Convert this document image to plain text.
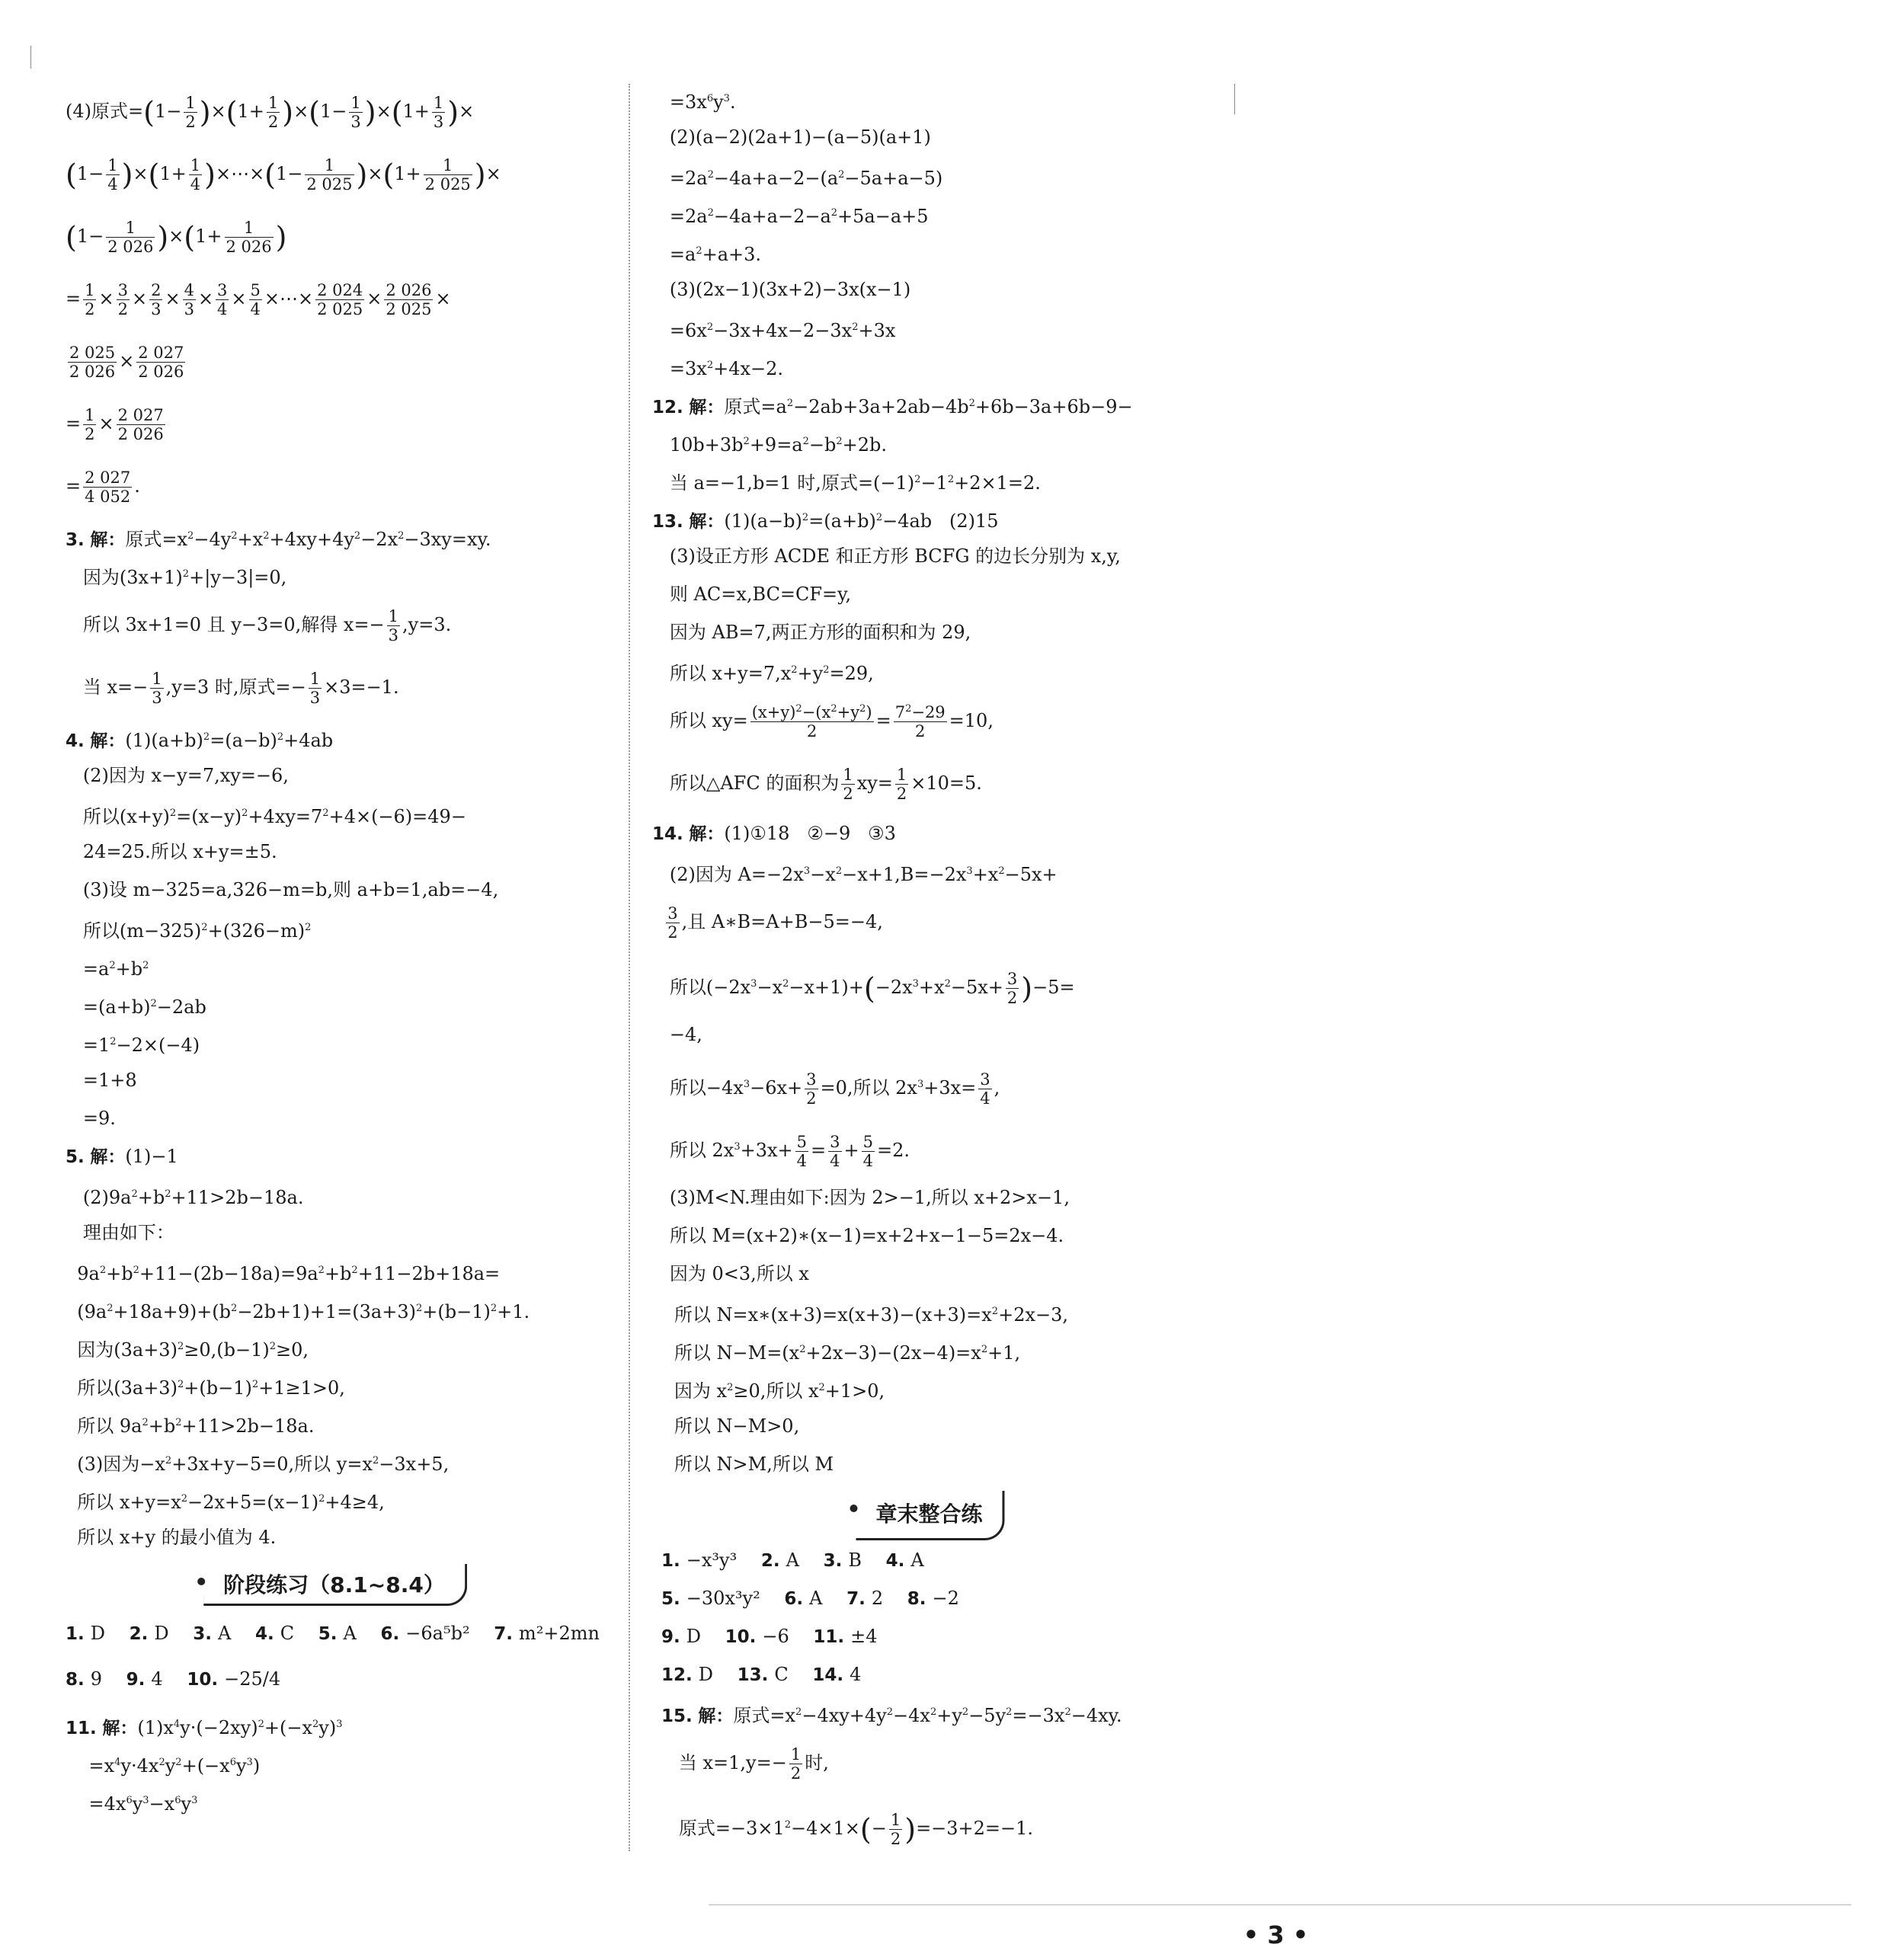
(4)原式$=(1- \frac{1}{2} )\times(1+ \frac{1}{2} )\times(1- \frac{1}{3} )\times(1+ \frac{1}{3}$ )×
$(1- \frac{1}{4} )\times(1+ \frac{1}{4}$ )×⋯×(1− $\frac{1}{2 025} )\times(1+ \frac{1}{2 025}$ )×
$(1- \frac{1}{2 026} )\times(1+ \frac{1}{2 026}$ )
= $\frac{1}{2} \times \frac{3}{2} \times \frac{2}{3} \times \frac{4}{3} \times \frac{3}{4} \times \frac{5}{4}$ ×⋯× $\frac{2 024}{2 025} \times \frac{2 026}{2 025}$ ×
$\frac{2 025}{2 026} \times \frac{2 027}{2 026}$
= $\frac{1}{2} \times \frac{2 027}{2 026}$
= $\frac{2 027}{4 052}$ .
3. 解：原式$=x^2-4y^2+x^2+4xy+4y^2-2x^2-3xy=xy$.
因为$(3x+1)^2+|y-3|=0$,
所以 3x+1=0 且 y−3=0,解得 $x=- \frac{1}{3} ,y=3$.
当 $x=- \frac{1}{3} ,y=3$ 时,原式=− $\frac{1}{3} \times 3=-1$.
4. 解：$(1)(a+b)^2=(a-b)^2+4ab$
(2)因为 x−y=7,xy=−6,
所以$(x+y)^2=(x-y)^2+4xy=7^2+4\times(-6)=49-$
24=25.所以 x+y=±5.
(3)设 m−325=a,326−m=b,则 a+b=1,ab=−4,
所以$(m-325)^2+(326-m)^2$
$=a^2+b^2$
$=(a+b)^2-2ab$
$=1^2-2\times(-4)$
=1+8
=9.
5. 解：(1)−1
$(2)9a^2+b^2+11>2b-18a$.
理由如下：
$9a^2+b^2+11-(2b-18a)=9a^2+b^2+11-2b+18a=$
$(9a^2+18a+9)+(b^2-2b+1)+1=(3a+3)^2+(b-1)^2+1$.
因为$(3a+3)^2\ge 0,(b-1)^2\ge 0$,
所以$(3a+3)^2+(b-1)^2+1\ge 1>0$,
所以 $9a^2+b^2+11>2b-18a$.
(3)因为$-x^2+3x+y-5=0$,所以 $y=x^2-3x+5$,
所以 $x+y=x^2-2x+5=(x-1)^2+4\ge 4$,
所以 x+y 的最小值为 4.
阶段练习（8.1~8.4）
1. D 2. D 3. A 4. C 5. A 6. −6a⁵b² 7. m²+2mn
8. 9 9. 4 10. −25/4
11. 解：$(1)x^4y\cdot(-2xy)^2+(-x^2y)^3$
$=x^4y\cdot 4x^2y^2+(-x^6y^3)$
$=4x^6y^3-x^6y^3$
$=3x^6y^3$.
(2)(a−2)(2a+1)−(a−5)(a+1)
$=2a^2-4a+a-2-(a^2-5a+a-5)$
$=2a^2-4a+a-2-a^2+5a-a+5$
$=a^2+a+3$.
(3)(2x−1)(3x+2)−3x(x−1)
$=6x^2-3x+4x-2-3x^2+3x$
$=3x^2+4x-2$.
12. 解：原式$=a^2-2ab+3a+2ab-4b^2+6b-3a+6b-9-$
$10b+3b^2+9=a^2-b^2+2b$.
当 a=−1,b=1 时,原式$=(-1)^2-1^2+2\times 1=2$.
13. 解：$(1)(a-b)^2=(a+b)^2-4ab$   (2)15
(3)设正方形 ACDE 和正方形 BCFG 的边长分别为 x,y,
则 AC=x,BC=CF=y,
因为 AB=7,两正方形的面积和为 29,
所以 $x+y=7,x^2+y^2=29$,
所以 $xy= \frac{(x+y)^2-(x^2+y^2)}{2} = \frac{7^2-29}{2} =10$,
所以△AFC 的面积为 $\frac{1}{2} xy= \frac{1}{2} \times 10=5$.
14. 解：(1)①18   ②−9   ③3
(2)因为 $A=-2x^3-x^2-x+1,B=-2x^3+x^2-5x+$

$\frac{3}{2}$ ,且 A∗B=A+B−5=−4,
所以$(-2x^3-x^2-x+1)+(-2x^3+x^2-5x+ \frac{3}{2} )-5=$
−4,
所以$-4x^3-6x+ \frac{3}{2} =0$,所以 $2x^3+3x= \frac{3}{4}$ ,
所以 $2x^3+3x+ \frac{5}{4} = \frac{3}{4} + \frac{5}{4} =2$.
(3)M<N.理由如下:因为 2>−1,所以 x+2>x−1,
所以 M=(x+2)∗(x−1)=x+2+x−1−5=2x−4.
因为 0<3,所以 x
所以 $N=x∗(x+3)=x(x+3)-(x+3)=x^2+2x-3$,
所以 $N-M=(x^2+2x-3)-(2x-4)=x^2+1$,
因为 $x^2\ge 0$,所以 $x^2+1>0$,
所以 N−M>0,
所以 N>M,所以 M
章末整合练
1. −x³y³ 2. A 3. B 4. A
5. −30x³y² 6. A 7. 2 8. −2
9. D 10. −6 11. ±4
12. D 13. C 14. 4
15. 解：原式$=x^2-4xy+4y^2-4x^2+y^2-5y^2=-3x^2-4xy$.
当 $x=1,y=- \frac{1}{2}$ 时,
原式$=-3\times 1^2-4\times 1\times(- \frac{1}{2} )=-3+2=-1$.
• 3 •
